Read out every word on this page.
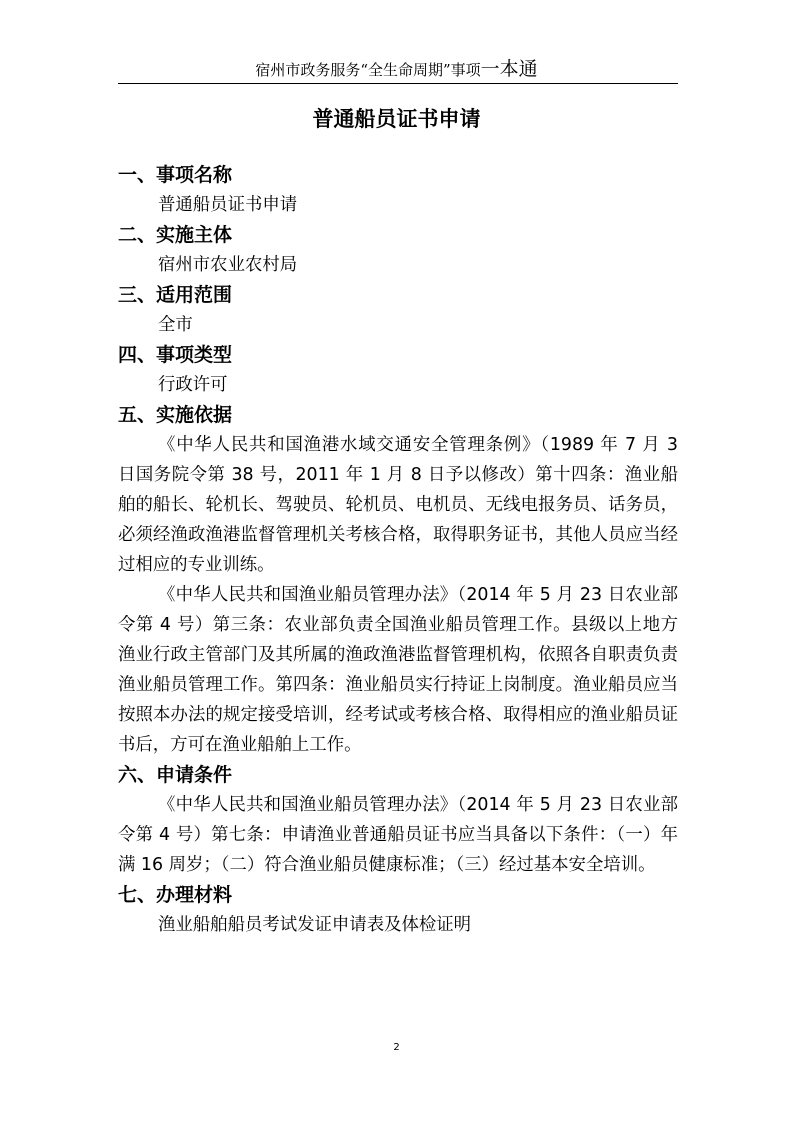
宿州市政务服务“全生命周期”事项一本通
普通船员证书申请
一、事项名称

普通船员证书申请

二、实施主体

宿州市农业农村局

三、适用范围

全市

四、事项类型

行政许可

五、实施依据

《中华人民共和国渔港水域交通安全管理条例》（1989 年 7 月 3 日国务院令第 38 号，2011 年 1 月 8 日予以修改）第十四条：渔业船舶的船长、轮机长、驾驶员、轮机员、电机员、无线电报务员、话务员，必须经渔政渔港监督管理机关考核合格，取得职务证书，其他人员应当经过相应的专业训练。

《中华人民共和国渔业船员管理办法》（2014 年 5 月 23 日农业部令第 4 号）第三条：农业部负责全国渔业船员管理工作。县级以上地方渔业行政主管部门及其所属的渔政渔港监督管理机构，依照各自职责负责渔业船员管理工作。第四条：渔业船员实行持证上岗制度。渔业船员应当按照本办法的规定接受培训，经考试或考核合格、取得相应的渔业船员证书后，方可在渔业船舶上工作。

六、申请条件

《中华人民共和国渔业船员管理办法》（2014 年 5 月 23 日农业部令第 4 号）第七条：申请渔业普通船员证书应当具备以下条件：（一）年满 16 周岁；（二）符合渔业船员健康标准；（三）经过基本安全培训。

七、办理材料

渔业船舶船员考试发证申请表及体检证明

2
